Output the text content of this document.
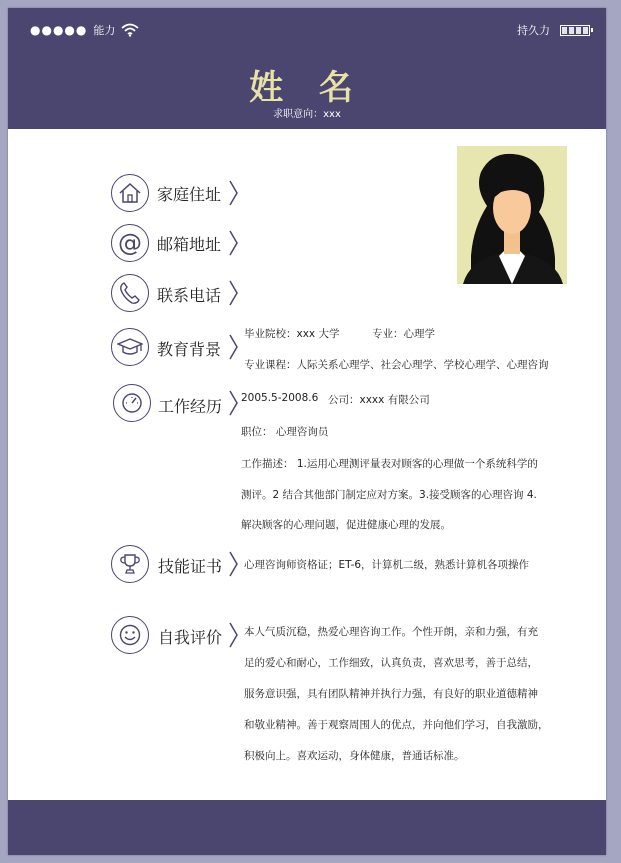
●●●●● 能力	持久力
姓 名
求职意向：xxx
家庭住址
@ 邮箱地址
联系电话
教育背景
毕业院校：xxx 大学	专业：心理学
专业课程：人际关系心理学、社会心理学、学校心理学、心理咨询
工作经历 2005.5-2008.6 公司：xxxx 有限公司
职位： 心理咨询员
工作描述： 1.运用心理测评量表对顾客的心理做一个系统科学的
测评。2 结合其他部门制定应对方案。3.接受顾客的心理咨询 4.
解决顾客的心理问题，促进健康心理的发展。
技能证书 心理咨询师资格证；ET-6，计算机二级，熟悉计算机各项操作
自我评价 本人气质沉稳，热爱心理咨询工作。个性开朗，亲和力强，有充
足的爱心和耐心，工作细致，认真负责，喜欢思考，善于总结，
服务意识强，具有团队精神并执行力强，有良好的职业道德精神
和敬业精神。善于观察周围人的优点，并向他们学习，自我激励，
积极向上。喜欢运动，身体健康，普通话标准。
